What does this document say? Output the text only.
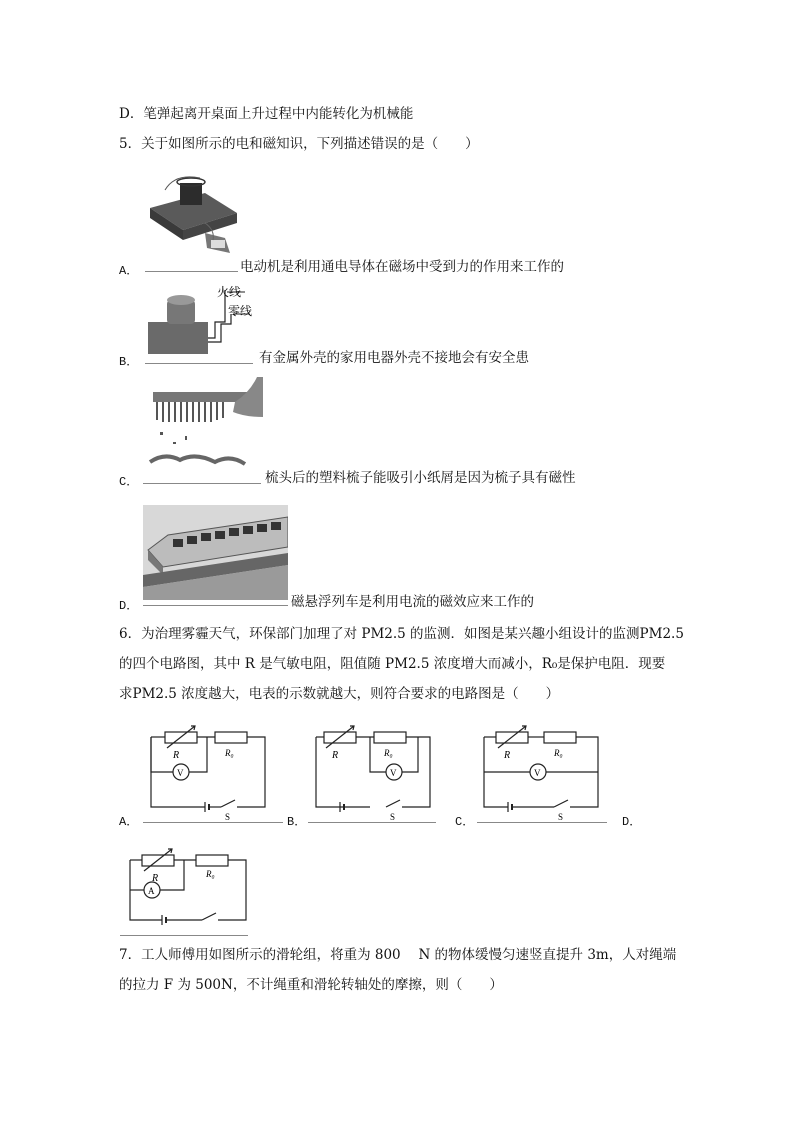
D．笔弹起离开桌面上升过程中内能转化为机械能
5．关于如图所示的电和磁知识，下列描述错误的是（　　）
A．	电动机是利用通电导体在磁场中受到力的作用来工作的
火线
零线
B．	有金属外壳的家用电器外壳不接地会有安全患
C．	梳头后的塑料梳子能吸引小纸屑是因为梳子具有磁性
D．	磁悬浮列车是利用电流的磁效应来工作的
6．为治理雾霾天气，环保部门加理了对 PM2.5 的监测．如图是某兴趣小组设计的监测PM2.5
的四个电路图，其中 R 是气敏电阻，阻值随 PM2.5 浓度增大而减小，R₀是保护电阻．现要
求PM2.5 浓度越大，电表的示数就越大，则符合要求的电路图是（　　）
R	R₀
V
S
A．
R	R₀
V
S
B．
R	R₀
V
S
C．	D．
R	R₀
A
7．工人师傅用如图所示的滑轮组，将重为 800　 N 的物体缓慢匀速竖直提升 3m，人对绳端
的拉力 F 为 500N，不计绳重和滑轮转轴处的摩擦，则（　　）
